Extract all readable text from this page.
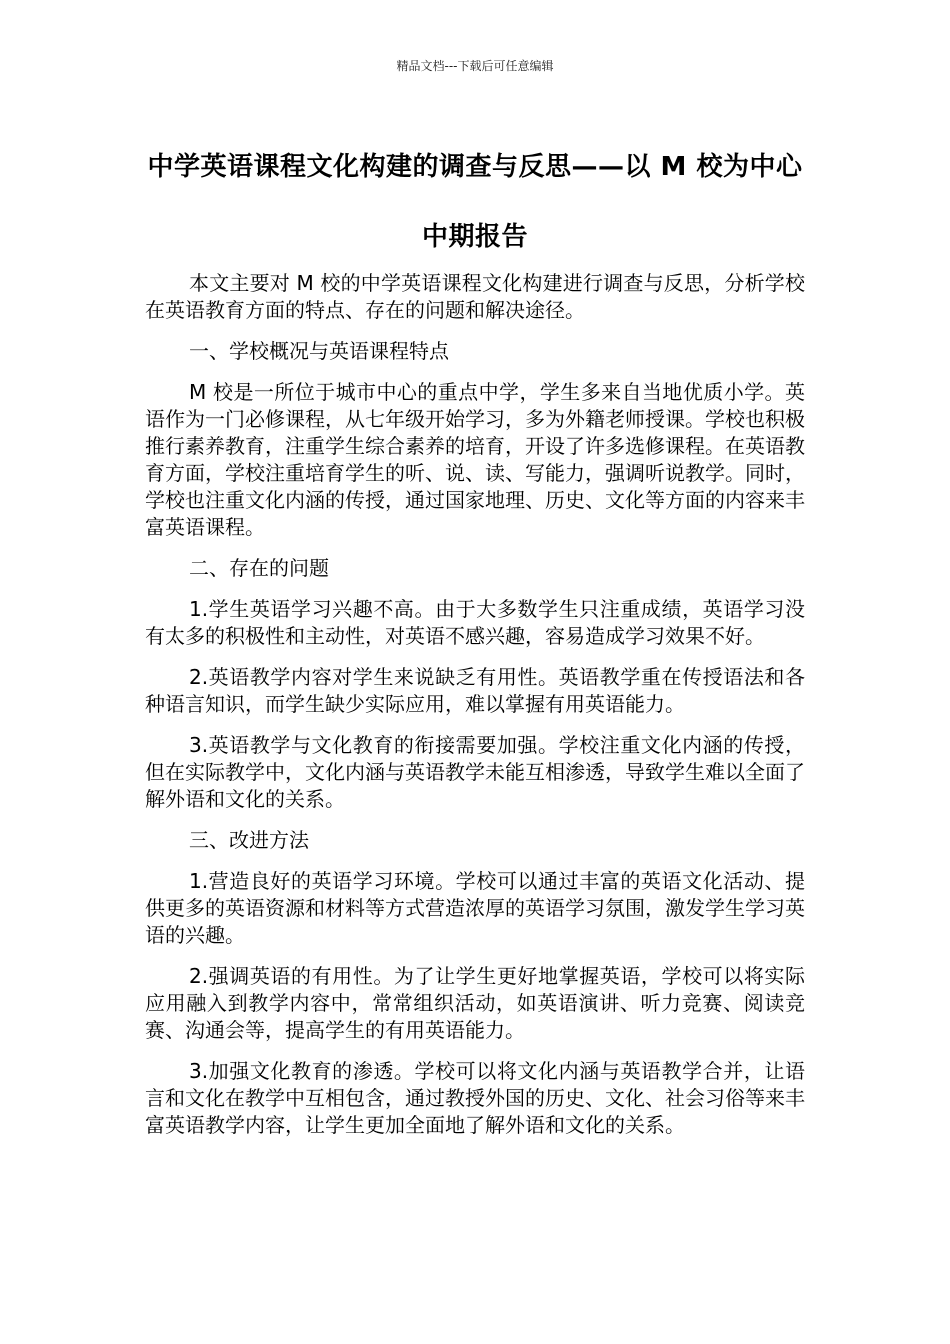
精品文档---下载后可任意编辑
中学英语课程文化构建的调查与反思——以 M 校为中心中期报告

本文主要对 M 校的中学英语课程文化构建进行调查与反思，分析学校在英语教育方面的特点、存在的问题和解决途径。

一、学校概况与英语课程特点

M 校是一所位于城市中心的重点中学，学生多来自当地优质小学。英语作为一门必修课程，从七年级开始学习，多为外籍老师授课。学校也积极推行素养教育，注重学生综合素养的培育，开设了许多选修课程。在英语教育方面，学校注重培育学生的听、说、读、写能力，强调听说教学。同时，学校也注重文化内涵的传授，通过国家地理、历史、文化等方面的内容来丰富英语课程。

二、存在的问题

1.学生英语学习兴趣不高。由于大多数学生只注重成绩，英语学习没有太多的积极性和主动性，对英语不感兴趣，容易造成学习效果不好。

2.英语教学内容对学生来说缺乏有用性。英语教学重在传授语法和各种语言知识，而学生缺少实际应用，难以掌握有用英语能力。

3.英语教学与文化教育的衔接需要加强。学校注重文化内涵的传授，但在实际教学中，文化内涵与英语教学未能互相渗透，导致学生难以全面了解外语和文化的关系。

三、改进方法

1.营造良好的英语学习环境。学校可以通过丰富的英语文化活动、提供更多的英语资源和材料等方式营造浓厚的英语学习氛围，激发学生学习英语的兴趣。

2.强调英语的有用性。为了让学生更好地掌握英语，学校可以将实际应用融入到教学内容中，常常组织活动，如英语演讲、听力竞赛、阅读竞赛、沟通会等，提高学生的有用英语能力。

3.加强文化教育的渗透。学校可以将文化内涵与英语教学合并，让语言和文化在教学中互相包含，通过教授外国的历史、文化、社会习俗等来丰富英语教学内容，让学生更加全面地了解外语和文化的关系。
